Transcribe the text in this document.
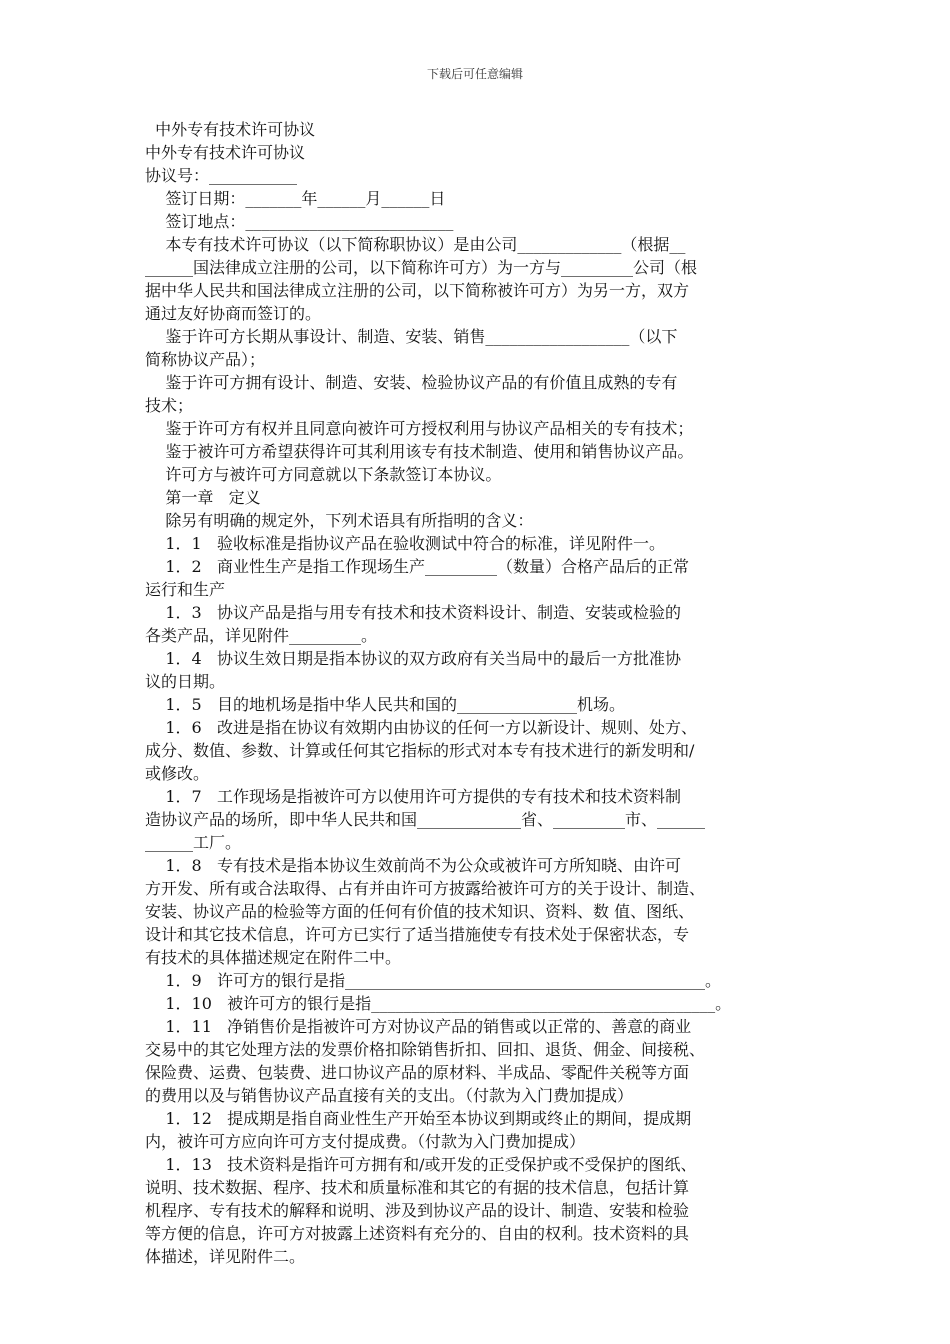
下载后可任意编辑
中外专有技术许可协议
中外专有技术许可协议
协议号：___________
签订日期：_______年______月______日
签订地点：__________________________
本专有技术许可协议（以下简称职协议）是由公司_____________（根据__
______国法律成立注册的公司，以下简称许可方）为一方与_________公司（根
据中华人民共和国法律成立注册的公司，以下简称被许可方）为另一方，双方
通过友好协商而签订的。
鉴于许可方长期从事设计、制造、安装、销售__________________（以下
简称协议产品）；
鉴于许可方拥有设计、制造、安装、检验协议产品的有价值且成熟的专有
技术；
鉴于许可方有权并且同意向被许可方授权利用与协议产品相关的专有技术；
鉴于被许可方希望获得许可其利用该专有技术制造、使用和销售协议产品。
许可方与被许可方同意就以下条款签订本协议。
第一章   定义
除另有明确的规定外，下列术语具有所指明的含义：
1．1   验收标准是指协议产品在验收测试中符合的标准，详见附件一。
1．2   商业性生产是指工作现场生产_________（数量）合格产品后的正常
运行和生产
1．3   协议产品是指与用专有技术和技术资料设计、制造、安装或检验的
各类产品，详见附件_________。
1．4   协议生效日期是指本协议的双方政府有关当局中的最后一方批准协
议的日期。
1．5   目的地机场是指中华人民共和国的_______________机场。
1．6   改进是指在协议有效期内由协议的任何一方以新设计、规则、处方、
成分、数值、参数、计算或任何其它指标的形式对本专有技术进行的新发明和/
或修改。
1．7   工作现场是指被许可方以使用许可方提供的专有技术和技术资料制
造协议产品的场所，即中华人民共和国_____________省、_________市、______
______工厂。
1．8   专有技术是指本协议生效前尚不为公众或被许可方所知晓、由许可
方开发、所有或合法取得、占有并由许可方披露给被许可方的关于设计、制造、
安装、协议产品的检验等方面的任何有价值的技术知识、资料、数 值、图纸、
设计和其它技术信息，许可方已实行了适当措施使专有技术处于保密状态，专
有技术的具体描述规定在附件二中。
1．9   许可方的银行是指_____________________________________________。
1．10   被许可方的银行是指___________________________________________。
1．11   净销售价是指被许可方对协议产品的销售或以正常的、善意的商业
交易中的其它处理方法的发票价格扣除销售折扣、回扣、退货、佣金、间接税、
保险费、运费、包装费、进口协议产品的原材料、半成品、零配件关税等方面
的费用以及与销售协议产品直接有关的支出。（付款为入门费加提成）
1．12   提成期是指自商业性生产开始至本协议到期或终止的期间，提成期
内，被许可方应向许可方支付提成费。（付款为入门费加提成）
1．13   技术资料是指许可方拥有和/或开发的正受保护或不受保护的图纸、
说明、技术数据、程序、技术和质量标准和其它的有据的技术信息，包括计算
机程序、专有技术的解释和说明、涉及到协议产品的设计、制造、安装和检验
等方便的信息，许可方对披露上述资料有充分的、自由的权利。技术资料的具
体描述，详见附件二。
